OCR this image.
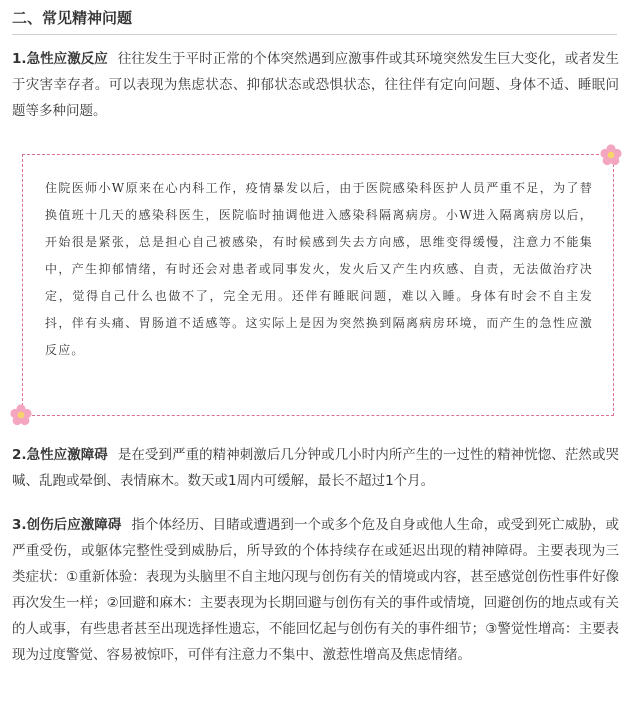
二、常见精神问题
1.急性应激反应 往往发生于平时正常的个体突然遇到应激事件或其环境突然发生巨大变化，或者发生于灾害幸存者。可以表现为焦虑状态、抑郁状态或恐惧状态，往往伴有定向问题、身体不适、睡眠问题等多种问题。

住院医师小W原来在心内科工作，疫情暴发以后，由于医院感染科医护人员严重不足，为了替换值班十几天的感染科医生，医院临时抽调他进入感染科隔离病房。小W进入隔离病房以后，开始很是紧张，总是担心自己被感染，有时候感到失去方向感，思维变得缓慢，注意力不能集中，产生抑郁情绪，有时还会对患者或同事发火，发火后又产生内疚感、自责，无法做治疗决定，觉得自己什么也做不了，完全无用。还伴有睡眠问题，难以入睡。身体有时会不自主发抖，伴有头痛、胃肠道不适感等。这实际上是因为突然换到隔离病房环境，而产生的急性应激反应。

2.急性应激障碍 是在受到严重的精神刺激后几分钟或几小时内所产生的一过性的精神恍惚、茫然或哭喊、乱跑或晕倒、表情麻木。数天或1周内可缓解，最长不超过1个月。
3.创伤后应激障碍 指个体经历、目睹或遭遇到一个或多个危及自身或他人生命，或受到死亡威胁，或严重受伤，或躯体完整性受到威胁后，所导致的个体持续存在或延迟出现的精神障碍。主要表现为三类症状：①重新体验：表现为头脑里不自主地闪现与创伤有关的情境或内容，甚至感觉创伤性事件好像再次发生一样；②回避和麻木：主要表现为长期回避与创伤有关的事件或情境，回避创伤的地点或有关的人或事，有些患者甚至出现选择性遗忘，不能回忆起与创伤有关的事件细节；③警觉性增高：主要表现为过度警觉、容易被惊吓，可伴有注意力不集中、激惹性增高及焦虑情绪。
